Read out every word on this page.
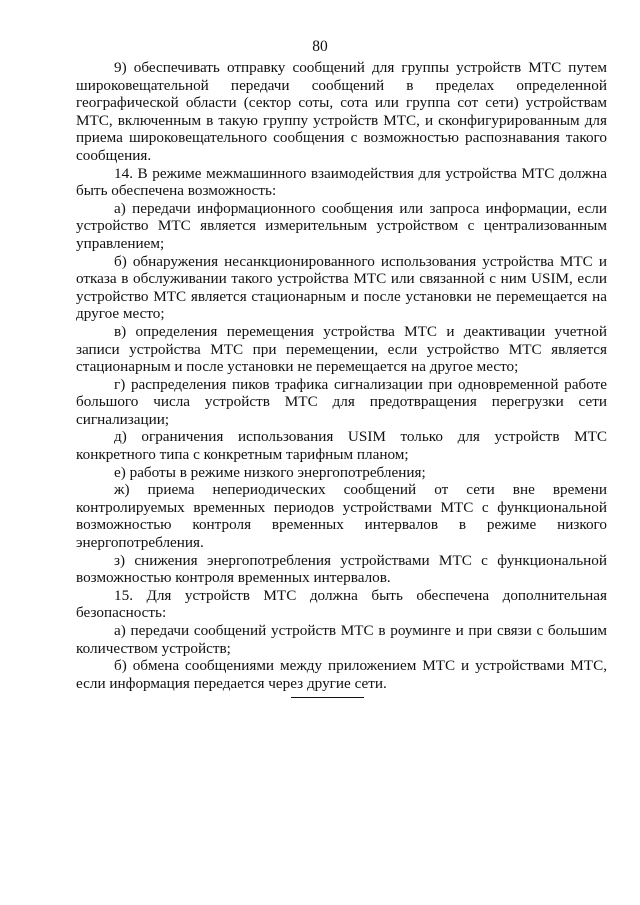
80

9) обеспечивать отправку сообщений для группы устройств МТС путем широковещательной передачи сообщений в пределах определенной географической области (сектор соты, сота или группа сот сети) устройствам МТС, включенным в такую группу устройств МТС, и сконфигурированным для приема широковещательного сообщения с возможностью распознавания такого сообщения.

14. В режиме межмашинного взаимодействия для устройства МТС должна быть обеспечена возможность:

а) передачи информационного сообщения или запроса информации, если устройство МТС является измерительным устройством с централизованным управлением;

б) обнаружения несанкционированного использования устройства МТС и отказа в обслуживании такого устройства МТС или связанной с ним USIM, если устройство МТС является стационарным и после установки не перемещается на другое место;

в) определения перемещения устройства МТС и деактивации учетной записи устройства МТС при перемещении, если устройство МТС является стационарным и после установки не перемещается на другое место;

г) распределения пиков трафика сигнализации при одновременной работе большого числа устройств МТС для предотвращения перегрузки сети сигнализации;

д) ограничения использования USIM только для устройств МТС конкретного типа с конкретным тарифным планом;

е) работы в режиме низкого энергопотребления;

ж) приема непериодических сообщений от сети вне времени контролируемых временных периодов устройствами МТС с функциональной возможностью контроля временных интервалов в режиме низкого энергопотребления.

з) снижения энергопотребления устройствами МТС с функциональной возможностью контроля временных интервалов.

15. Для устройств МТС должна быть обеспечена дополнительная безопасность:

а) передачи сообщений устройств МТС в роуминге и при связи с большим количеством устройств;

б) обмена сообщениями между приложением МТС и устройствами МТС, если информация передается через другие сети.
